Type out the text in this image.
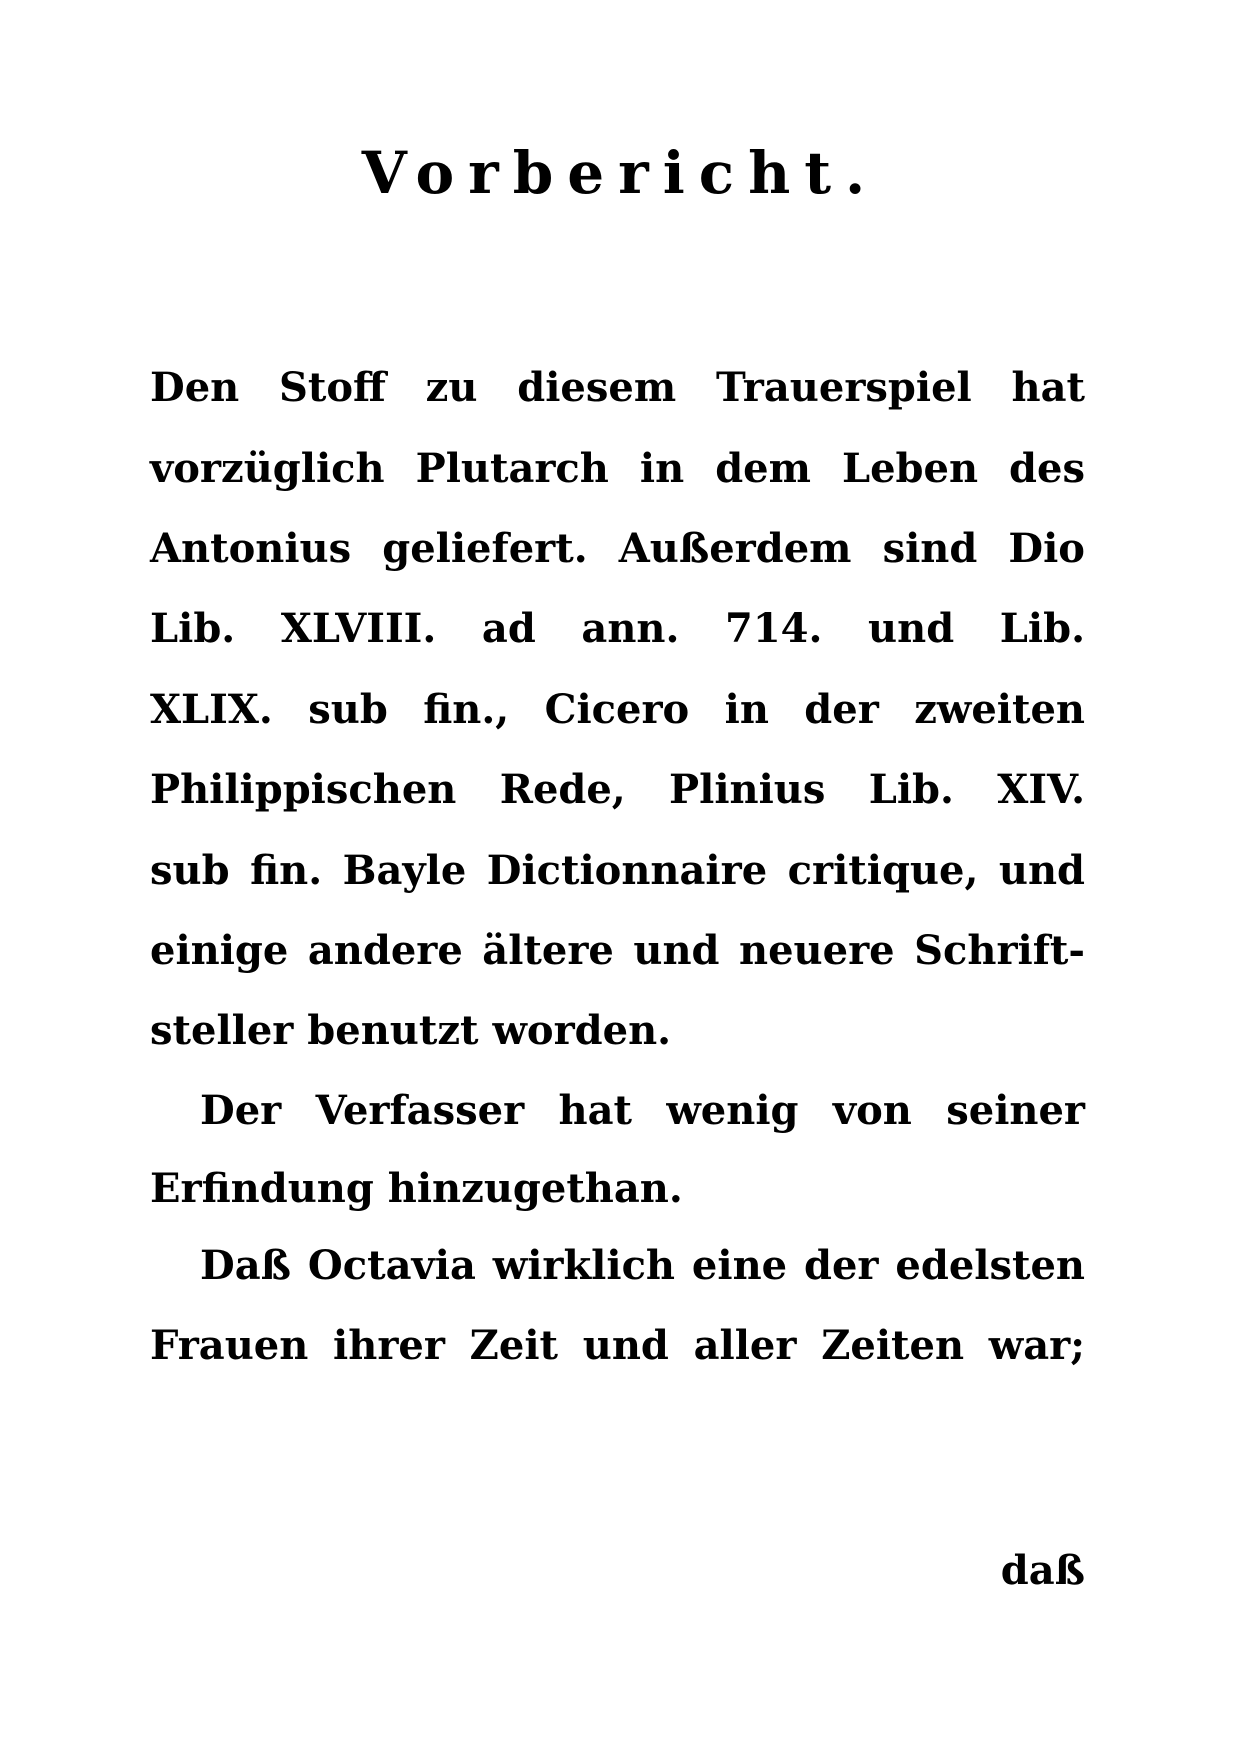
Vorbericht.
Den Stoff zu diesem Trauerspiel hat
vorzüglich Plutarch in dem Leben des
Antonius geliefert. Außerdem sind Dio
Lib. XLVIII. ad ann. 714. und Lib.
XLIX. sub fin., Cicero in der zweiten
Philippischen Rede, Plinius Lib. XIV.
sub fin. Bayle Dictionnaire critique, und
einige andere ältere und neuere Schrift-
steller benutzt worden.
Der Verfasser hat wenig von seiner
Erfindung hinzugethan.
Daß Octavia wirklich eine der edelsten
Frauen ihrer Zeit und aller Zeiten war;
daß
